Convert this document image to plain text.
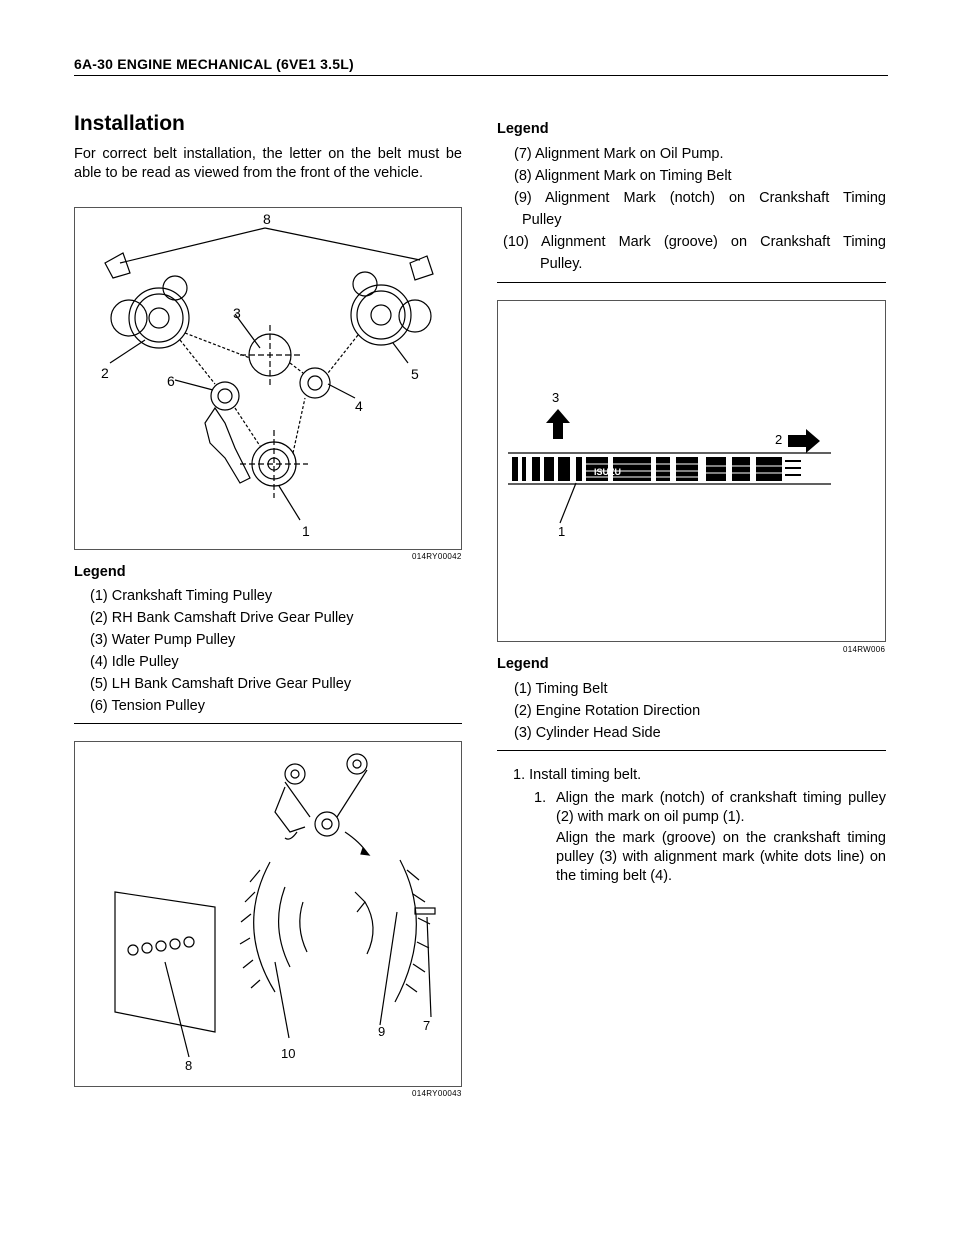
6A-30 ENGINE MECHANICAL (6VE1 3.5L)
Installation
For correct belt installation, the letter on the belt must be able to be read as viewed from the front of the vehicle.
8
3
2	6	5
4
1
014RY00042
Legend
(1) Crankshaft Timing Pulley
(2) RH Bank Camshaft Drive Gear Pulley
(3) Water Pump Pulley
(4) Idle Pulley
(5) LH Bank Camshaft Drive Gear Pulley
(6) Tension Pulley
7
9
10
8
014RY00043
Legend
(7) Alignment Mark on Oil Pump.
(8) Alignment Mark on Timing Belt
(9) Alignment Mark (notch) on Crankshaft Timing
Pulley
(10) Alignment Mark (groove) on Crankshaft Timing
Pulley.
ISUZU
3
2
1
014RW006
Legend
(1) Timing Belt
(2) Engine Rotation Direction
(3) Cylinder Head Side
1. Install timing belt.
1. Align the mark (notch) of crankshaft timing pulley (2) with mark on oil pump (1).
Align the mark (groove) on the crankshaft timing pulley (3) with alignment mark (white dots line) on the timing belt (4).
